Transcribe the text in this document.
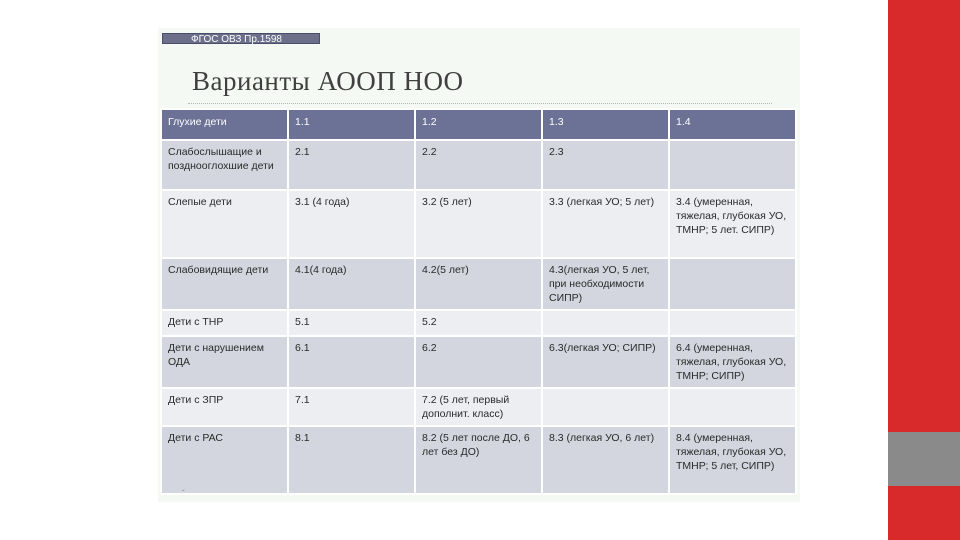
ФГОС ОВЗ Пр.1598
Варианты АООП НОО
Глухие дети	1.1	1.2	1.3	1.4
Слабослышащие и позднооглохшие дети	2.1	2.2	2.3	
Слепые дети	3.1 (4 года)	3.2 (5 лет)	3.3 (легкая УО; 5 лет)	3.4 (умеренная, тяжелая, глубокая УО, ТМНР; 5 лет. СИПР)
Слабовидящие дети	4.1(4 года)	4.2(5 лет)	4.3(легкая УО, 5 лет, при необходимости СИПР)	
Дети с ТНР	5.1	5.2		
Дети с нарушением ОДА	6.1	6.2	6.3(легкая УО; СИПР)	6.4 (умеренная, тяжелая, глубокая УО, ТМНР; СИПР)
Дети с ЗПР	7.1	7.2 (5 лет, первый дополнит. класс)		
Дети с РАС	8.1	8.2 (5 лет после ДО, 6 лет без ДО)	8.3 (легкая УО, 6 лет)	8.4 (умеренная, тяжелая, глубокая УО, ТМНР; 5 лет, СИПР)
ˇ
